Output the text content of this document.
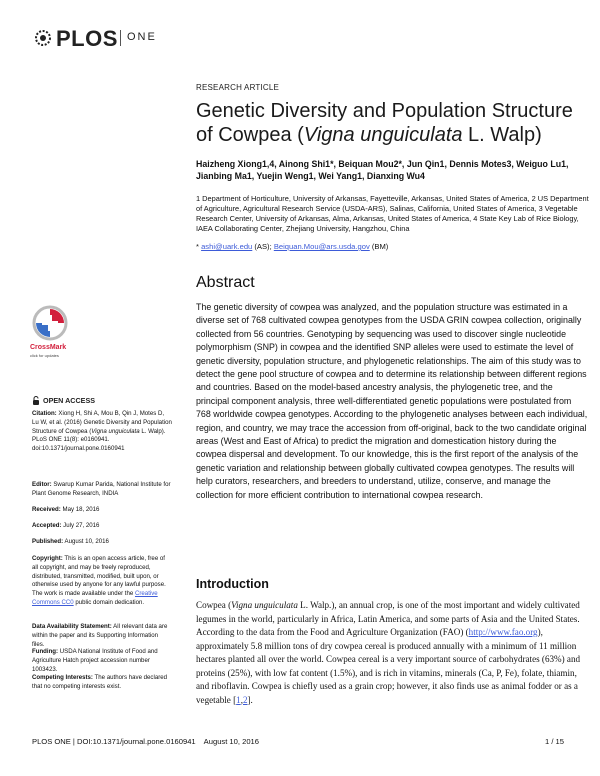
PLOS ONE
RESEARCH ARTICLE
Genetic Diversity and Population Structure of Cowpea (Vigna unguiculata L. Walp)
Haizheng Xiong1,4, Ainong Shi1*, Beiquan Mou2*, Jun Qin1, Dennis Motes3, Weiguo Lu1, Jianbing Ma1, Yuejin Weng1, Wei Yang1, Dianxing Wu4
1 Department of Horticulture, University of Arkansas, Fayetteville, Arkansas, United States of America, 2 US Department of Agriculture, Agricultural Research Service (USDA-ARS), Salinas, California, United States of America, 3 Vegetable Research Center, University of Arkansas, Alma, Arkansas, United States of America, 4 State Key Lab of Rice Biology, IAEA Collaborating Center, Zhejiang University, Hangzhou, China
* ashi@uark.edu (AS); Beiquan.Mou@ars.usda.gov (BM)
CrossMark
click for updates
OPEN ACCESS
Citation: Xiong H, Shi A, Mou B, Qin J, Motes D, Lu W, et al. (2016) Genetic Diversity and Population Structure of Cowpea (Vigna unguiculata L. Walp). PLoS ONE 11(8): e0160941. doi:10.1371/journal.pone.0160941
Editor: Swarup Kumar Parida, National Institute for Plant Genome Research, INDIA
Received: May 18, 2016
Accepted: July 27, 2016
Published: August 10, 2016
Copyright: This is an open access article, free of all copyright, and may be freely reproduced, distributed, transmitted, modified, built upon, or otherwise used by anyone for any lawful purpose. The work is made available under the Creative Commons CC0 public domain dedication.
Data Availability Statement: All relevant data are within the paper and its Supporting Information files.
Funding: USDA National Institute of Food and Agriculture Hatch project accession number 1003423.
Competing Interests: The authors have declared that no competing interests exist.
Abstract
The genetic diversity of cowpea was analyzed, and the population structure was estimated in a diverse set of 768 cultivated cowpea genotypes from the USDA GRIN cowpea collection, originally collected from 56 countries. Genotyping by sequencing was used to discover single nucleotide polymorphism (SNP) in cowpea and the identified SNP alleles were used to estimate the level of genetic diversity, population structure, and phylogenetic relationships. The aim of this study was to detect the gene pool structure of cowpea and to determine its relationship between different regions and countries. Based on the model-based ancestry analysis, the phylogenetic tree, and the principal component analysis, three well-differentiated genetic populations were postulated from 768 worldwide cowpea genotypes. According to the phylogenetic analyses between each individual, region, and country, we may trace the accession from off-original, back to the two candidate original areas (West and East of Africa) to predict the migration and domestication history during the cowpea dispersal and development. To our knowledge, this is the first report of the analysis of the genetic variation and relationship between globally cultivated cowpea genotypes. The results will help curators, researchers, and breeders to understand, utilize, conserve, and manage the collection for more efficient contribution to international cowpea research.
Introduction
Cowpea (Vigna unguiculata L. Walp.), an annual crop, is one of the most important and widely cultivated legumes in the world, particularly in Africa, Latin America, and some parts of Asia and the United States. According to the data from the Food and Agriculture Organization (FAO) (http://www.fao.org), approximately 5.8 million tons of dry cowpea cereal is produced annually with a minimum of 11 million hectares planted all over the world. Cowpea cereal is a very important source of carbohydrates (63%) and proteins (25%), with low fat content (1.5%), and is rich in vitamins, minerals (Ca, P, Fe), folate, thiamin, and riboflavin. Cowpea is chiefly used as a grain crop; however, it also finds use as animal fodder or as a vegetable [1,2].
PLOS ONE | DOI:10.1371/journal.pone.0160941    August 10, 2016	1 / 15
